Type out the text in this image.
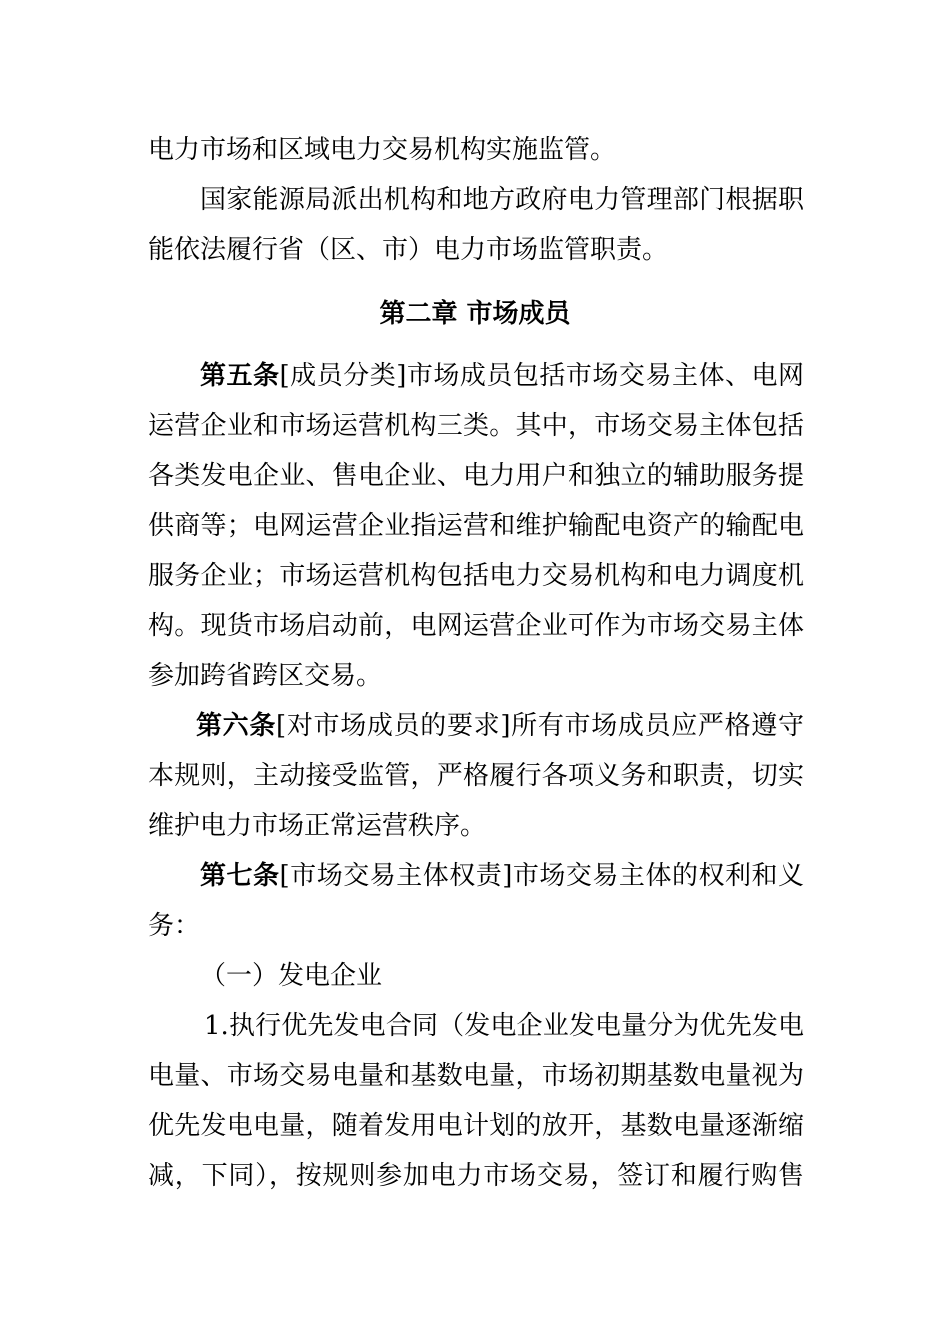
电力市场和区域电力交易机构实施监管。
国家能源局派出机构和地方政府电力管理部门根据职
能依法履行省（区、市）电力市场监管职责。
第二章 市场成员
第五条[成员分类]市场成员包括市场交易主体、电网
运营企业和市场运营机构三类。其中，市场交易主体包括
各类发电企业、售电企业、电力用户和独立的辅助服务提
供商等；电网运营企业指运营和维护输配电资产的输配电
服务企业；市场运营机构包括电力交易机构和电力调度机
构。现货市场启动前，电网运营企业可作为市场交易主体
参加跨省跨区交易。
第六条[对市场成员的要求]所有市场成员应严格遵守
本规则，主动接受监管，严格履行各项义务和职责，切实
维护电力市场正常运营秩序。
第七条[市场交易主体权责]市场交易主体的权利和义
务：
（一）发电企业
1.执行优先发电合同（发电企业发电量分为优先发电
电量、市场交易电量和基数电量，市场初期基数电量视为
优先发电电量，随着发用电计划的放开，基数电量逐渐缩
减，下同），按规则参加电力市场交易，签订和履行购售
